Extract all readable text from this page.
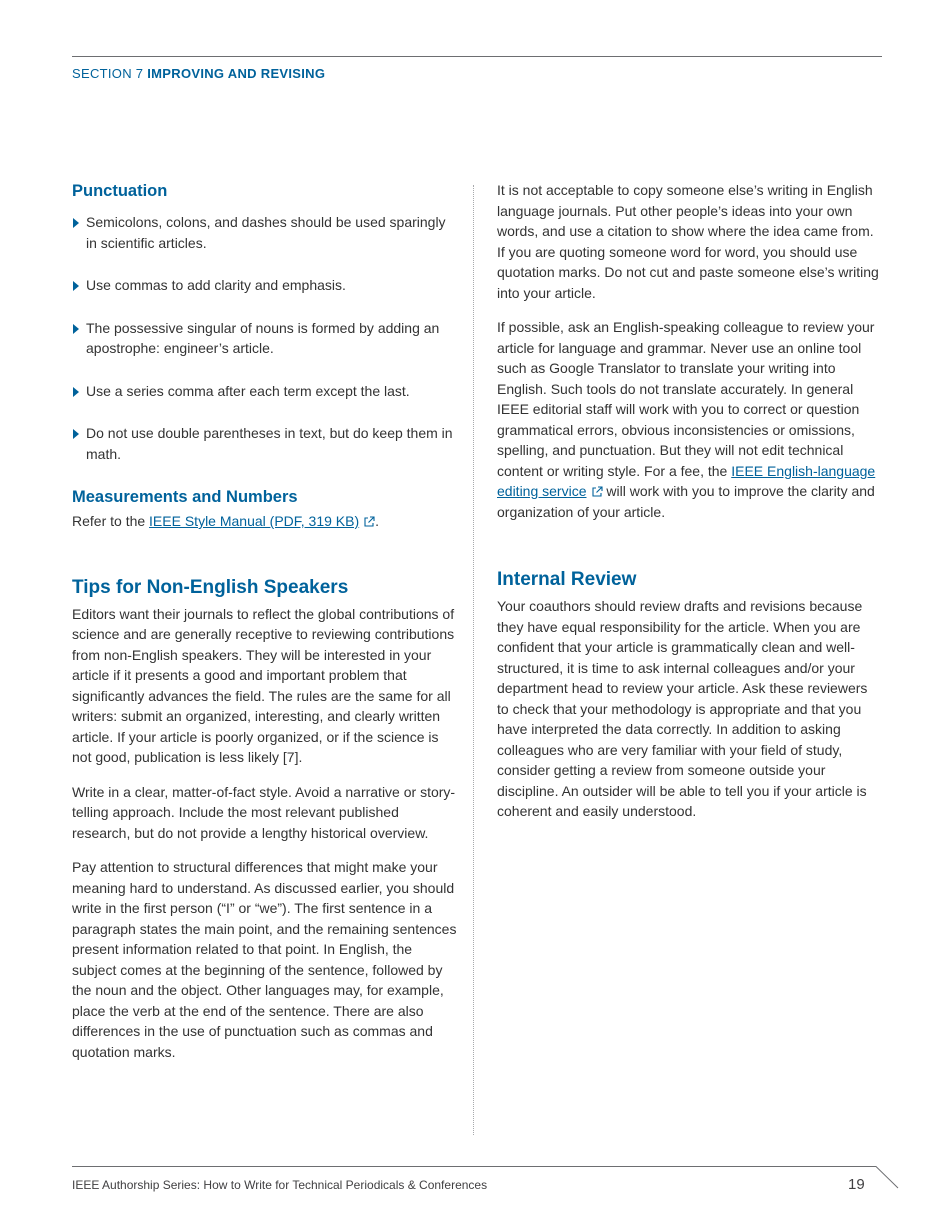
SECTION 7 IMPROVING AND REVISING
Punctuation
Semicolons, colons, and dashes should be used sparingly in scientific articles.
Use commas to add clarity and emphasis.
The possessive singular of nouns is formed by adding an apostrophe: engineer’s article.
Use a series comma after each term except the last.
Do not use double parentheses in text, but do keep them in math.
Measurements and Numbers

Refer to the IEEE Style Manual (PDF, 319 KB) .

Tips for Non-English Speakers

Editors want their journals to reflect the global contributions of science and are generally receptive to reviewing contributions from non-English speakers. They will be interested in your article if it presents a good and important problem that significantly advances the field. The rules are the same for all writers: submit an organized, interesting, and clearly written article. If your article is poorly organized, or if the science is not good, publication is less likely [7].

Write in a clear, matter-of-fact style. Avoid a narrative or story-telling approach. Include the most relevant published research, but do not provide a lengthy historical overview.

Pay attention to structural differences that might make your meaning hard to understand. As discussed earlier, you should write in the first person (“I” or “we”). The first sentence in a paragraph states the main point, and the remaining sentences present information related to that point. In English, the subject comes at the beginning of the sentence, followed by the noun and the object. Other languages may, for example, place the verb at the end of the sentence. There are also differences in the use of punctuation such as commas and quotation marks.

It is not acceptable to copy someone else’s writing in English language journals. Put other people’s ideas into your own words, and use a citation to show where the idea came from. If you are quoting someone word for word, you should use quotation marks. Do not cut and paste someone else’s writing into your article.

If possible, ask an English-speaking colleague to review your article for language and grammar. Never use an online tool such as Google Translator to translate your writing into English. Such tools do not translate accurately. In general IEEE editorial staff will work with you to correct or question grammatical errors, obvious inconsistencies or omissions, spelling, and punctuation. But they will not edit technical content or writing style. For a fee, the IEEE English-language editing service will work with you to improve the clarity and organization of your article.

Internal Review

Your coauthors should review drafts and revisions because they have equal responsibility for the article. When you are confident that your article is grammatically clean and well-structured, it is time to ask internal colleagues and/or your department head to review your article. Ask these reviewers to check that your methodology is appropriate and that you have interpreted the data correctly. In addition to asking colleagues who are very familiar with your field of study, consider getting a review from someone outside your discipline. An outsider will be able to tell you if your article is coherent and easily understood.

IEEE Authorship Series: How to Write for Technical Periodicals & Conferences	19
